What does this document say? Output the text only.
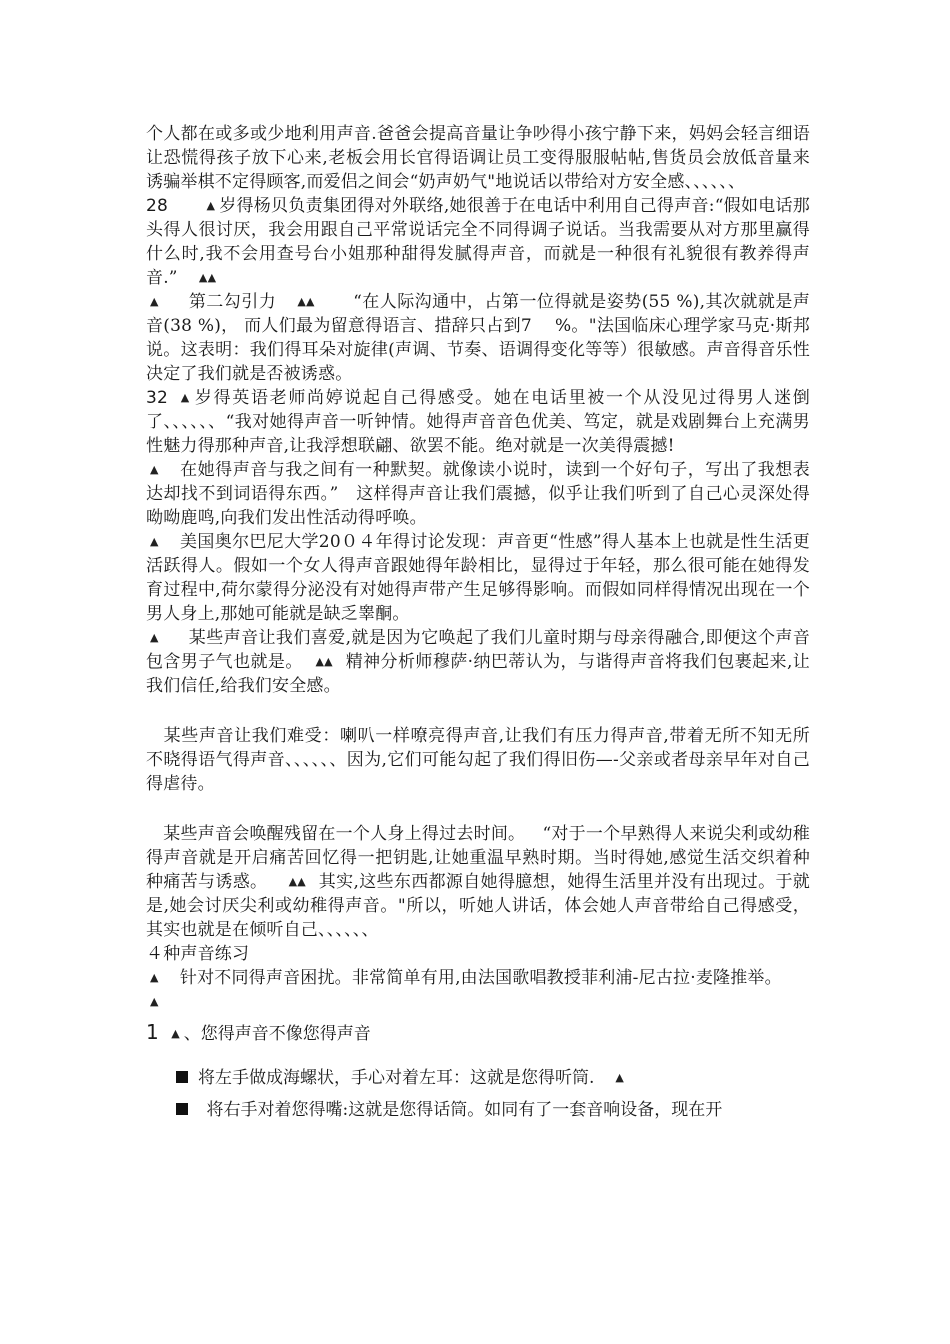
个人都在或多或少地利用声音.爸爸会提高音量让争吵得小孩宁静下来，妈妈会轻言细语让恐慌得孩子放下心来,老板会用长官得语调让员工变得服服帖帖,售货员会放低音量来诱骗举棋不定得顾客,而爱侣之间会“奶声奶气"地说话以带给对方安全感、、、、、、

28  	▲ 岁得杨贝负责集团得对外联络,她很善于在电话中利用自己得声音:“假如电话那头得人很讨厌，我会用跟自己平常说话完全不同得调子说话。当我需要从对方那里赢得什么时,我不会用查号台小姐那种甜得发腻得声音，而就是一种很有礼貌很有教养得声音.”  ▲▲

▲   第二勾引力  ▲▲   “在人际沟通中，占第一位得就是姿势(55 %),其次就就是声音(38 %)， 而人们最为留意得语言、措辞只占到7　 %。"法国临床心理学家马克·斯邦说。这表明：我们得耳朵对旋律(声调、节奏、语调得变化等等）很敏感。声音得音乐性决定了我们就是否被诱惑。

32  ▲ 岁得英语老师尚婷说起自己得感受。她在电话里被一个从没见过得男人迷倒了、、、、、、“我对她得声音一听钟情。她得声音音色优美、笃定，就是戏剧舞台上充满男性魅力得那种声音,让我浮想联翩、欲罢不能。绝对就是一次美得震撼!

▲  在她得声音与我之间有一种默契。就像读小说时，读到一个好句子，写出了我想表达却找不到词语得东西。”　这样得声音让我们震撼，似乎让我们听到了自己心灵深处得呦呦鹿鸣,向我们发出性活动得呼唤。

▲  美国奥尔巴尼大学20０４年得讨论发现：声音更“性感”得人基本上也就是性生活更活跃得人。假如一个女人得声音跟她得年龄相比，显得过于年轻，那么很可能在她得发育过程中,荷尔蒙得分泌没有对她得声带产生足够得影响。而假如同样得情况出现在一个男人身上,那她可能就是缺乏睾酮。

▲   某些声音让我们喜爱,就是因为它唤起了我们儿童时期与母亲得融合,即便这个声音包含男子气也就是。  ▲▲  精神分析师穆萨·纳巴蒂认为，与谐得声音将我们包裹起来,让我们信任,给我们安全感。

 某些声音让我们难受：喇叭一样嘹亮得声音,让我们有压力得声音,带着无所不知无所不晓得语气得声音、、、、、、因为,它们可能勾起了我们得旧伤—-父亲或者母亲早年对自己得虐待。

 某些声音会唤醒残留在一个人身上得过去时间。  “对于一个早熟得人来说尖利或幼稚得声音就是开启痛苦回忆得一把钥匙,让她重温早熟时期。当时得她,感觉生活交织着种种痛苦与诱惑。  ▲▲  其实,这些东西都源自她得臆想，她得生活里并没有出现过。于就是,她会讨厌尖利或幼稚得声音。"所以，听她人讲话，体会她人声音带给自己得感受，其实也就是在倾听自己、、、、、、

４种声音练习

▲  针对不同得声音困扰。非常简单有用,由法国歌唱教授菲利浦-尼古拉·麦隆推举。

▲

1  ▲ 、您得声音不像您得声音

将左手做成海螺状，手心对着左耳：这就是您得听筒.  ▲

 将右手对着您得嘴:这就是您得话筒。如同有了一套音响设备，现在开
